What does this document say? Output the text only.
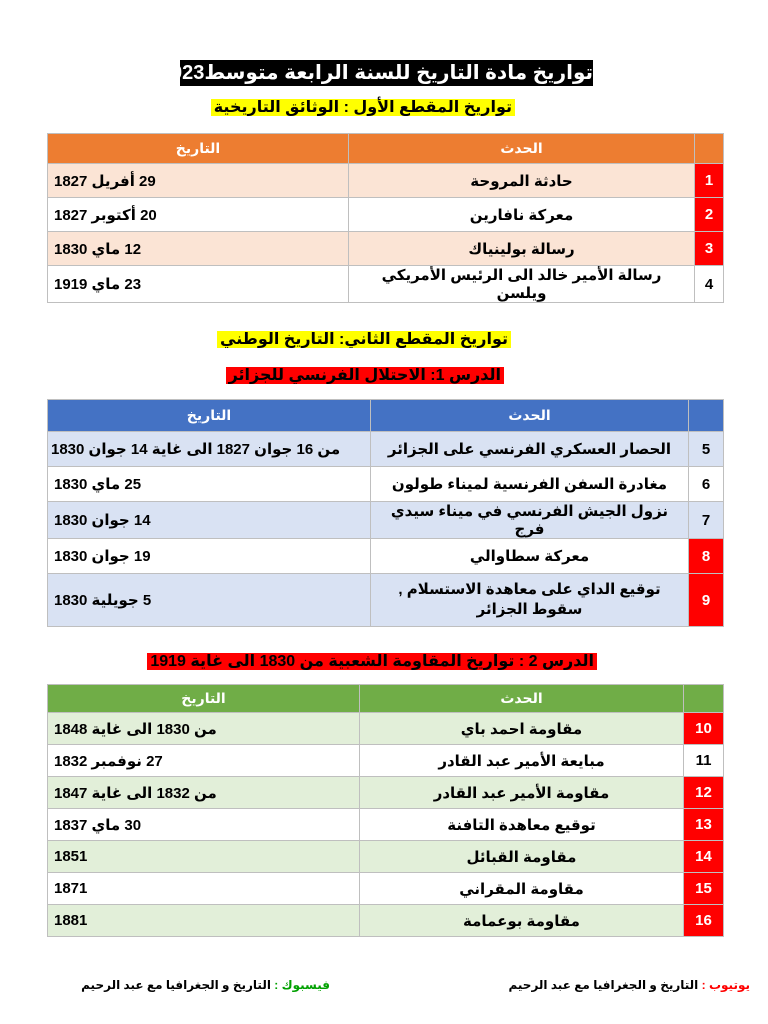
تواريخ مادة التاريخ للسنة الرابعة متوسطBEM 2023
تواريخ المقطع الأول : الوثائق التاريخية
	الحدث	التاريخ
1	حادثة المروحة	29 أفريل 1827
2	معركة نافارين	20 أكتوبر 1827
3	رسالة بولينياك	12 ماي 1830
4	رسالة الأمير خالد الى الرئيس الأمريكي ويلسن	23 ماي 1919
تواريخ المقطع الثاني: التاريخ الوطني
الدرس 1: الاحتلال الفرنسي للجزائر
	الحدث	التاريخ
5	الحصار العسكري الفرنسي على الجزائر	من 16 جوان 1827 الى غاية 14 جوان 1830
6	مغادرة السفن الفرنسية لميناء طولون	25 ماي 1830
7	نزول الجيش الفرنسي في ميناء سيدي فرج	14 جوان 1830
8	معركة سطاوالي	19 جوان 1830
9	توقيع الداي على معاهدة الاستسلام , سقوط الجزائر	5 جويلية 1830
الدرس 2 : تواريخ المقاومة الشعبية من 1830 الى غاية 1919
	الحدث	التاريخ
10	مقاومة احمد باي	من 1830 الى غاية 1848
11	مبايعة الأمير عبد القادر	27 نوفمبر 1832
12	مقاومة الأمير عبد القادر	من 1832 الى غاية 1847
13	توقيع معاهدة التافنة	30 ماي 1837
14	مقاومة القبائل	1851
15	مقاومة المقراني	1871
16	مقاومة بوعمامة	1881
يوتيوب : التاريخ و الجغرافيا مع عبد الرحيم
فيسبوك : التاريخ و الجغرافيا مع عبد الرحيم
